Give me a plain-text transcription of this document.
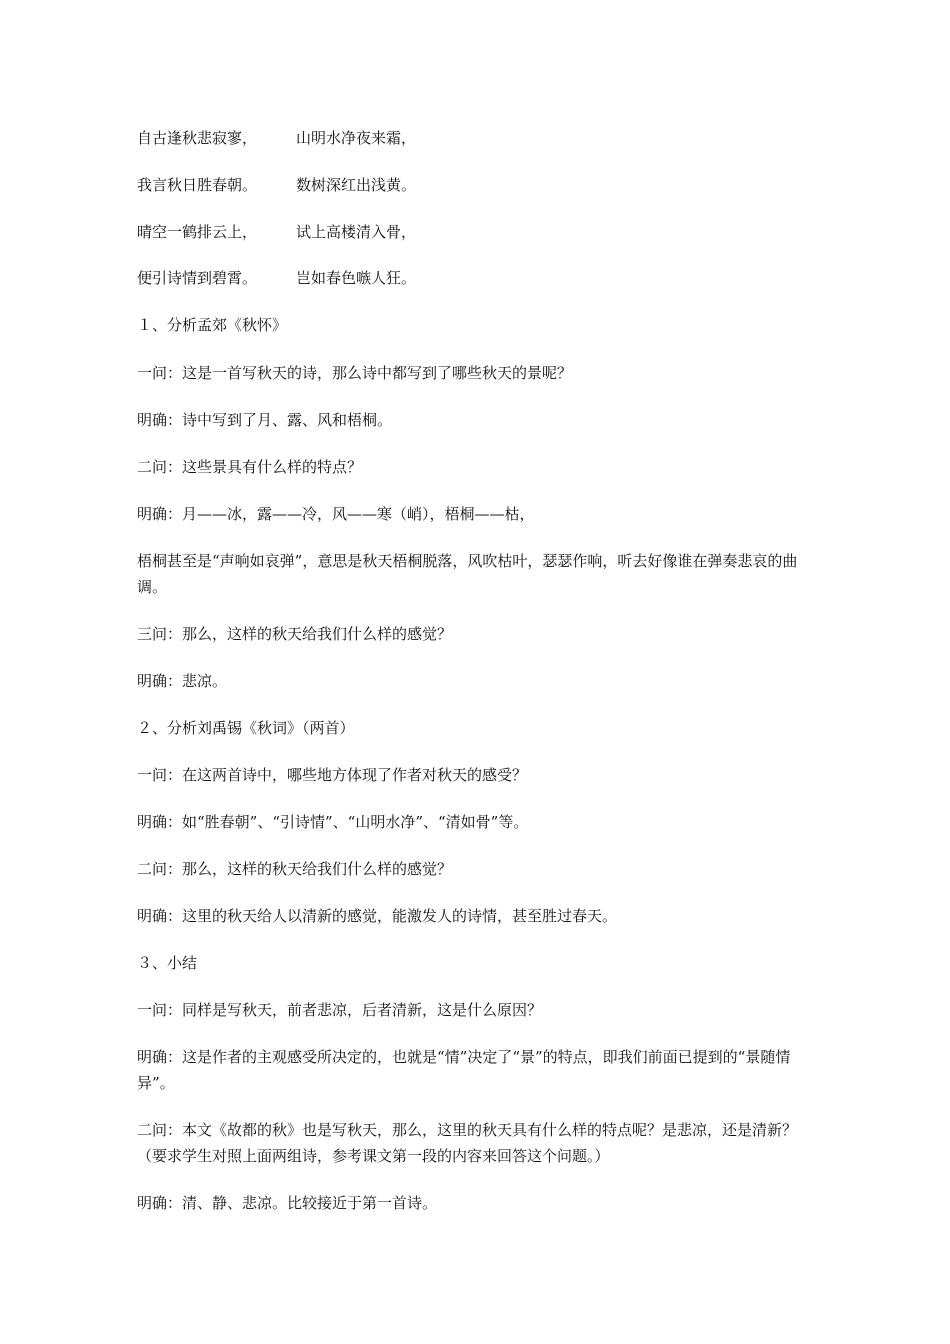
自古逢秋悲寂寥，	山明水净夜来霜，
我言秋日胜春朝。	数树深红出浅黄。
晴空一鹤排云上，	试上高楼清入骨，
便引诗情到碧霄。	岂如春色嗾人狂。

１、分析孟郊《秋怀》

一问：这是一首写秋天的诗，那么诗中都写到了哪些秋天的景呢？

明确：诗中写到了月、露、风和梧桐。

二问：这些景具有什么样的特点？

明确：月——冰，露——冷，风——寒（峭），梧桐——枯，

梧桐甚至是“声响如哀弹”，意思是秋天梧桐脱落，风吹枯叶，瑟瑟作响，听去好像谁在弹奏悲哀的曲调。

三问：那么，这样的秋天给我们什么样的感觉？

明确：悲凉。

２、分析刘禹锡《秋词》（两首）

一问：在这两首诗中，哪些地方体现了作者对秋天的感受？

明确：如“胜春朝”、“引诗情”、“山明水净”、“清如骨”等。

二问：那么，这样的秋天给我们什么样的感觉？

明确：这里的秋天给人以清新的感觉，能激发人的诗情，甚至胜过春天。

３、小结

一问：同样是写秋天，前者悲凉，后者清新，这是什么原因？

明确：这是作者的主观感受所决定的，也就是“情”决定了“景”的特点，即我们前面已提到的“景随情异”。

二问：本文《故都的秋》也是写秋天，那么，这里的秋天具有什么样的特点呢？是悲凉，还是清新？（要求学生对照上面两组诗，参考课文第一段的内容来回答这个问题。）

明确：清、静、悲凉。比较接近于第一首诗。
